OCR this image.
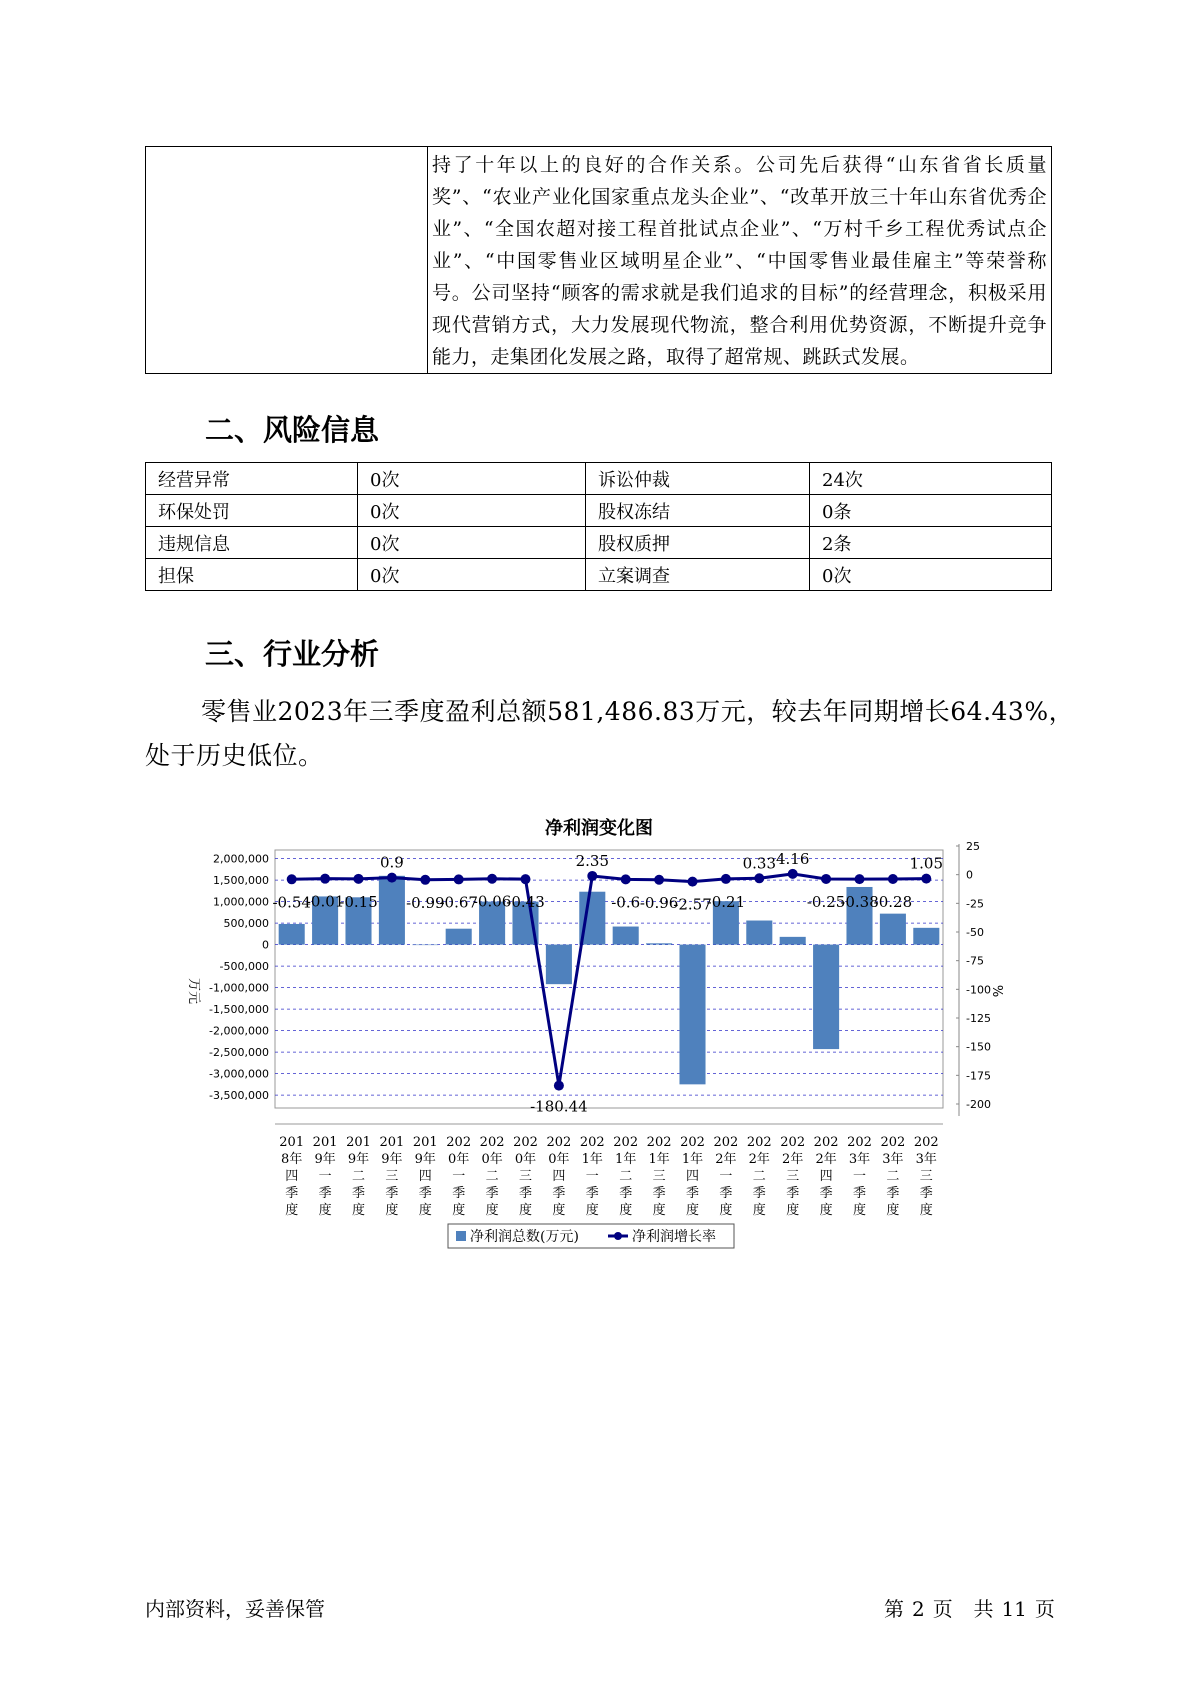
持了十年以上的良好的合作关系。公司先后获得“山东省省长质量奖”、“农业产业化国家重点龙头企业”、“改革开放三十年山东省优秀企业”、“全国农超对接工程首批试点企业”、“万村千乡工程优秀试点企业”、“中国零售业区域明星企业”、“中国零售业最佳雇主”等荣誉称号。公司坚持“顾客的需求就是我们追求的目标”的经营理念，积极采用现代营销方式，大力发展现代物流，整合利用优势资源，不断提升竞争能力，走集团化发展之路，取得了超常规、跳跃式发展。
二、风险信息
经营异常	0次	诉讼仲裁	24次
环保处罚	0次	股权冻结	0条
违规信息	0次	股权质押	2条
担保	0次	立案调查	0次
三、行业分析

零售业2023年三季度盈利总额581,486.83万元，较去年同期增长64.43%，处于历史低位。

净利润变化图
2,000,000
1,500,000
1,000,000
500,000
0
-500,000
-1,000,000
-1,500,000
-2,000,000
-2,500,000
-3,000,000
-3,500,000
25
0
-25
-50
-75
-100
-125
-150
-175
-200
万元	%
-0.54
-0.01
-0.15
0.9
-0.99
-0.67
-0.06
-0.43
-180.44
2.35
-0.6 -0.96
-2.57
-0.21
0.33 4.16
-0.25
-0.38
-0.28
1.05
201
8年
四
季
度
201
9年
一
季
度
201
9年
二
季
度
201
9年
三
季
度
201
9年
四
季
度
202
0年
一
季
度
202
0年
二
季
度
202
0年
三
季
度
202
0年
四
季
度
202
1年
一
季
度
202
1年
二
季
度
202
1年
三
季
度
202
1年
四
季
度
202
2年
一
季
度
202
2年
二
季
度
202
2年
三
季
度
202
2年
四
季
度
202
3年
一
季
度
202
3年
二
季
度
202
3年
三
季
度
净利润总数(万元)	净利润增长率
内部资料，妥善保管	第 2 页 共 11 页
